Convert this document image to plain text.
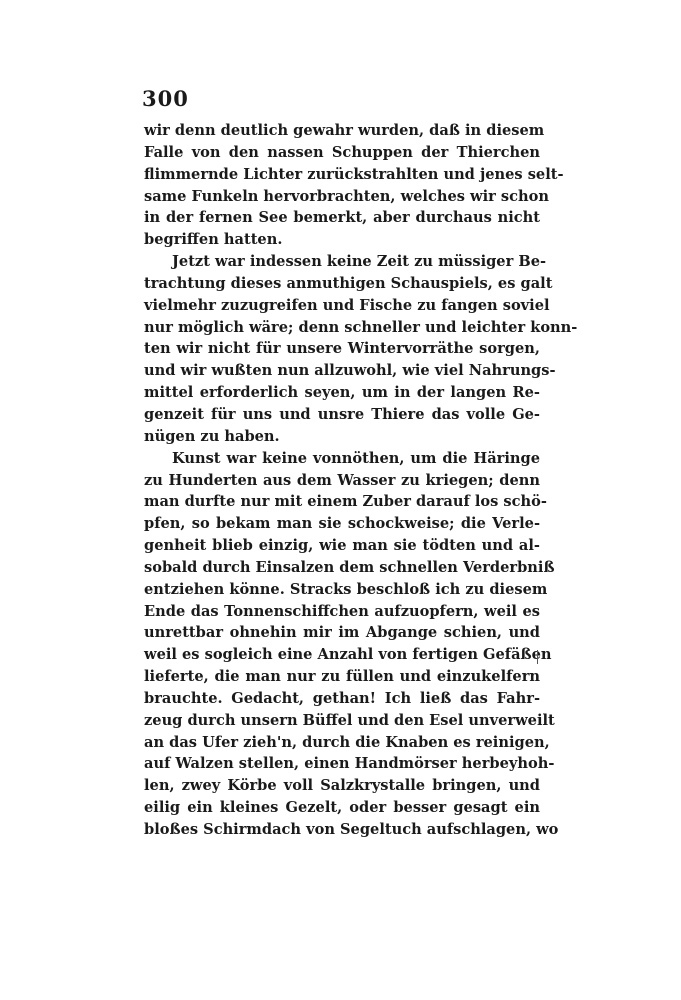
300
wir denn deutlich gewahr wurden, daß in diesem
Falle von den nassen Schuppen der Thierchen
flimmernde Lichter zurückstrahlten und jenes selt-
same Funkeln hervorbrachten, welches wir schon
in der fernen See bemerkt, aber durchaus nicht
begriffen hatten.
Jetzt war indessen keine Zeit zu müssiger Be-
trachtung dieses anmuthigen Schauspiels, es galt
vielmehr zuzugreifen und Fische zu fangen soviel
nur möglich wäre; denn schneller und leichter konn-
ten wir nicht für unsere Wintervorräthe sorgen,
und wir wußten nun allzuwohl, wie viel Nahrungs-
mittel erforderlich seyen, um in der langen Re-
genzeit für uns und unsre Thiere das volle Ge-
nügen zu haben.
Kunst war keine vonnöthen, um die Häringe
zu Hunderten aus dem Wasser zu kriegen; denn
man durfte nur mit einem Zuber darauf los schö-
pfen, so bekam man sie schockweise; die Verle-
genheit blieb einzig, wie man sie tödten und al-
sobald durch Einsalzen dem schnellen Verderbniß
entziehen könne. Stracks beschloß ich zu diesem
Ende das Tonnenschiffchen aufzuopfern, weil es
unrettbar ohnehin mir im Abgange schien, und
weil es sogleich eine Anzahl von fertigen Gefäßen
lieferte, die man nur zu füllen und einzukelfern
brauchte. Gedacht, gethan! Ich ließ das Fahr-
zeug durch unsern Büffel und den Esel unverweilt
an das Ufer zieh'n, durch die Knaben es reinigen,
auf Walzen stellen, einen Handmörser herbeyhoh-
len, zwey Körbe voll Salzkrystalle bringen, und
eilig ein kleines Gezelt, oder besser gesagt ein
bloßes Schirmdach von Segeltuch aufschlagen, wo
